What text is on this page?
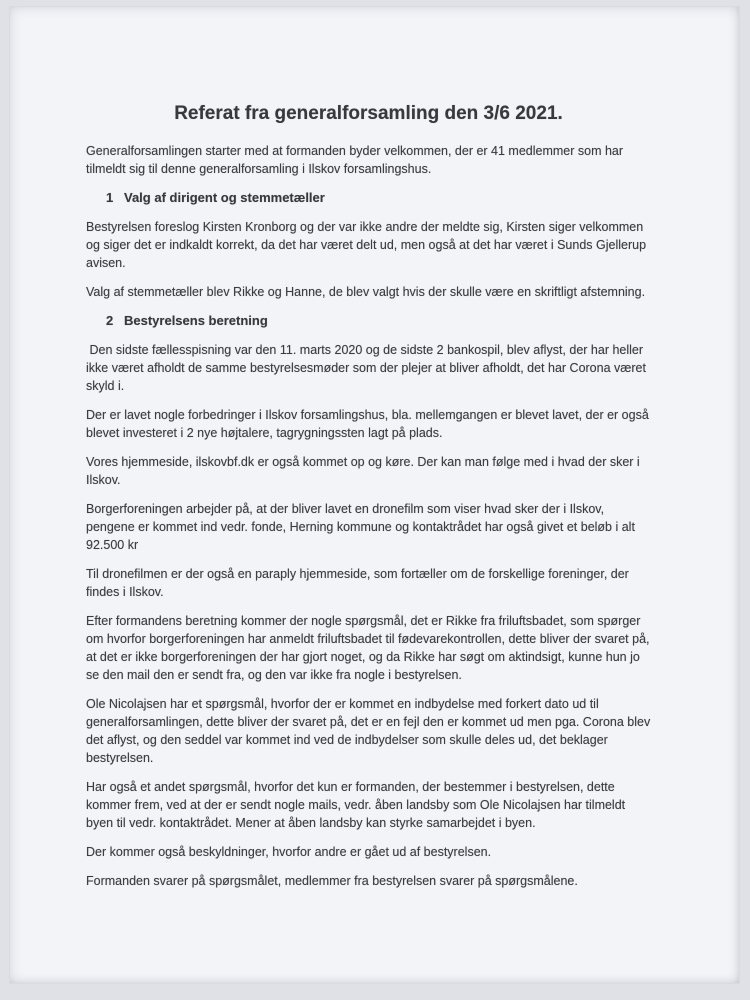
Referat fra generalforsamling den 3/6 2021.

Generalforsamlingen starter med at formanden byder velkommen, der er 41 medlemmer som har tilmeldt sig til denne generalforsamling i Ilskov forsamlingshus.

1 Valg af dirigent og stemmetæller

Bestyrelsen foreslog Kirsten Kronborg og der var ikke andre der meldte sig, Kirsten siger velkommen og siger det er indkaldt korrekt, da det har været delt ud, men også at det har været i Sunds Gjellerup avisen.

Valg af stemmetæller blev Rikke og Hanne, de blev valgt hvis der skulle være en skriftligt afstemning.

2 Bestyrelsens beretning

Den sidste fællesspisning var den 11. marts 2020 og de sidste 2 bankospil, blev aflyst, der har heller ikke været afholdt de samme bestyrelsesmøder som der plejer at bliver afholdt, det har Corona været skyld i.

Der er lavet nogle forbedringer i Ilskov forsamlingshus, bla. mellemgangen er blevet lavet, der er også blevet investeret i 2 nye højtalere, tagrygningssten lagt på plads.

Vores hjemmeside, ilskovbf.dk er også kommet op og køre. Der kan man følge med i hvad der sker i Ilskov.

Borgerforeningen arbejder på, at der bliver lavet en dronefilm som viser hvad sker der i Ilskov, pengene er kommet ind vedr. fonde, Herning kommune og kontaktrådet har også givet et beløb i alt 92.500 kr

Til dronefilmen er der også en paraply hjemmeside, som fortæller om de forskellige foreninger, der findes i Ilskov.

Efter formandens beretning kommer der nogle spørgsmål, det er Rikke fra friluftsbadet, som spørger om hvorfor borgerforeningen har anmeldt friluftsbadet til fødevarekontrollen, dette bliver der svaret på, at det er ikke borgerforeningen der har gjort noget, og da Rikke har søgt om aktindsigt, kunne hun jo se den mail den er sendt fra, og den var ikke fra nogle i bestyrelsen.

Ole Nicolajsen har et spørgsmål, hvorfor der er kommet en indbydelse med forkert dato ud til generalforsamlingen, dette bliver der svaret på, det er en fejl den er kommet ud men pga. Corona blev det aflyst, og den seddel var kommet ind ved de indbydelser som skulle deles ud, det beklager bestyrelsen.

Har også et andet spørgsmål, hvorfor det kun er formanden, der bestemmer i bestyrelsen, dette kommer frem, ved at der er sendt nogle mails, vedr. åben landsby som Ole Nicolajsen har tilmeldt byen til vedr. kontaktrådet. Mener at åben landsby kan styrke samarbejdet i byen.

Der kommer også beskyldninger, hvorfor andre er gået ud af bestyrelsen.

Formanden svarer på spørgsmålet, medlemmer fra bestyrelsen svarer på spørgsmålene.
